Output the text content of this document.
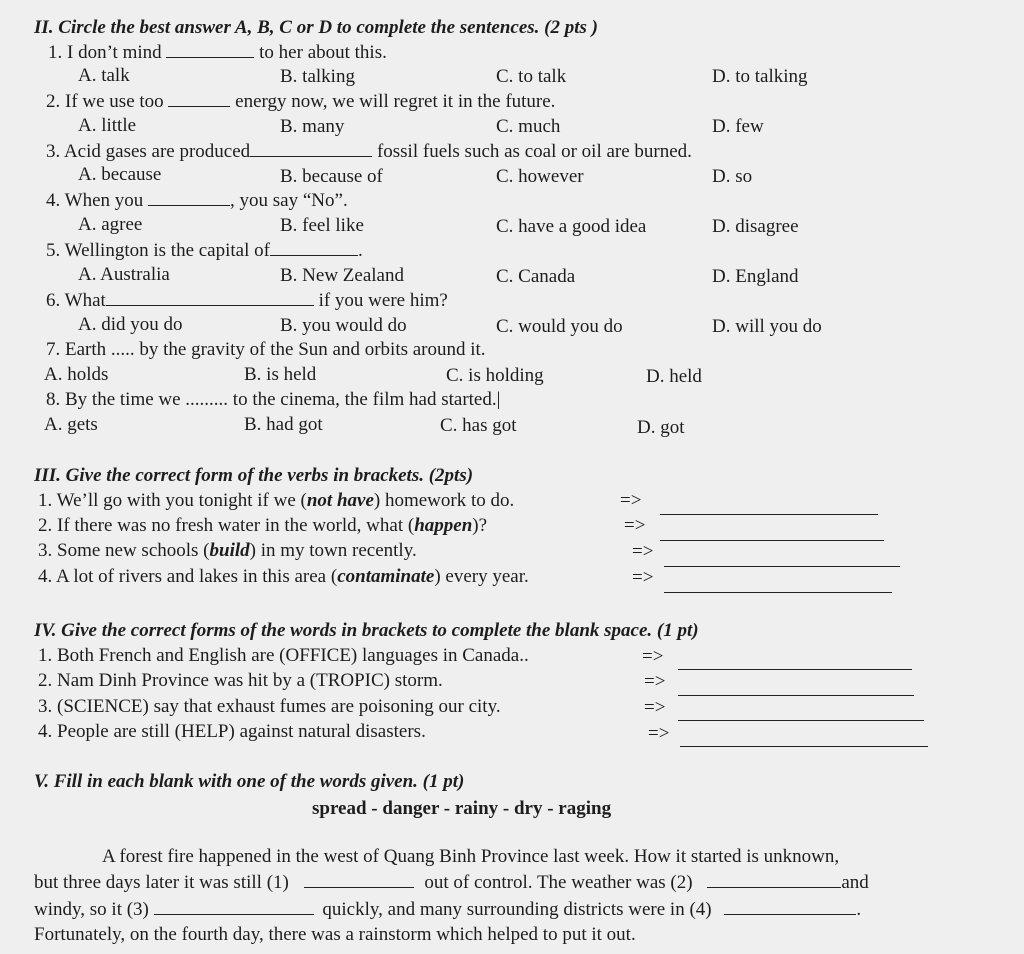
II. Circle the best answer A, B, C or D to complete the sentences. (2 pts )
1. I don’t mind	to her about this.
A. talk	B. talking	C. to talk	D. to talking
2. If we use too	energy now, we will regret it in the future.
A. little	B. many	C. much	D. few
3. Acid gases are produced	fossil fuels such as coal or oil are burned.
A. because	B. because of	C. however	D. so
4. When you	, you say “No”.
A. agree	B. feel like	C. have a good idea	D. disagree
5. Wellington is the capital of	.
A. Australia	B. New Zealand	C. Canada	D. England
6. What	if you were him?
A. did you do	B. you would do	C. would you do	D. will you do
7. Earth ..... by the gravity of the Sun and orbits around it.
A. holds	B. is held	C. is holding	D. held
8. By the time we ......... to the cinema, the film had started.|
A. gets	B. had got	C. has got	D. got
III. Give the correct form of the verbs in brackets. (2pts)
1. We’ll go with you tonight if we (not have) homework to do.	=>
2. If there was no fresh water in the world, what (happen)?	=>
3. Some new schools (build) in my town recently.	=>
4. A lot of rivers and lakes in this area (contaminate) every year.	=>
IV. Give the correct forms of the words in brackets to complete the blank space. (1 pt)
1. Both French and English are (OFFICE) languages in Canada..	=>
2. Nam Dinh Province was hit by a (TROPIC) storm.	=>
3. (SCIENCE) say that exhaust fumes are poisoning our city.	=>
4. People are still (HELP) against natural disasters.	=>
V. Fill in each blank with one of the words given. (1 pt)
spread - danger - rainy - dry - raging
A forest fire happened in the west of Quang Binh Province last week. How it started is unknown,
but three days later it was still (1)	out of control. The weather was (2)	and
windy, so it (3)	quickly, and many surrounding districts were in (4)	.
Fortunately, on the fourth day, there was a rainstorm which helped to put it out.
